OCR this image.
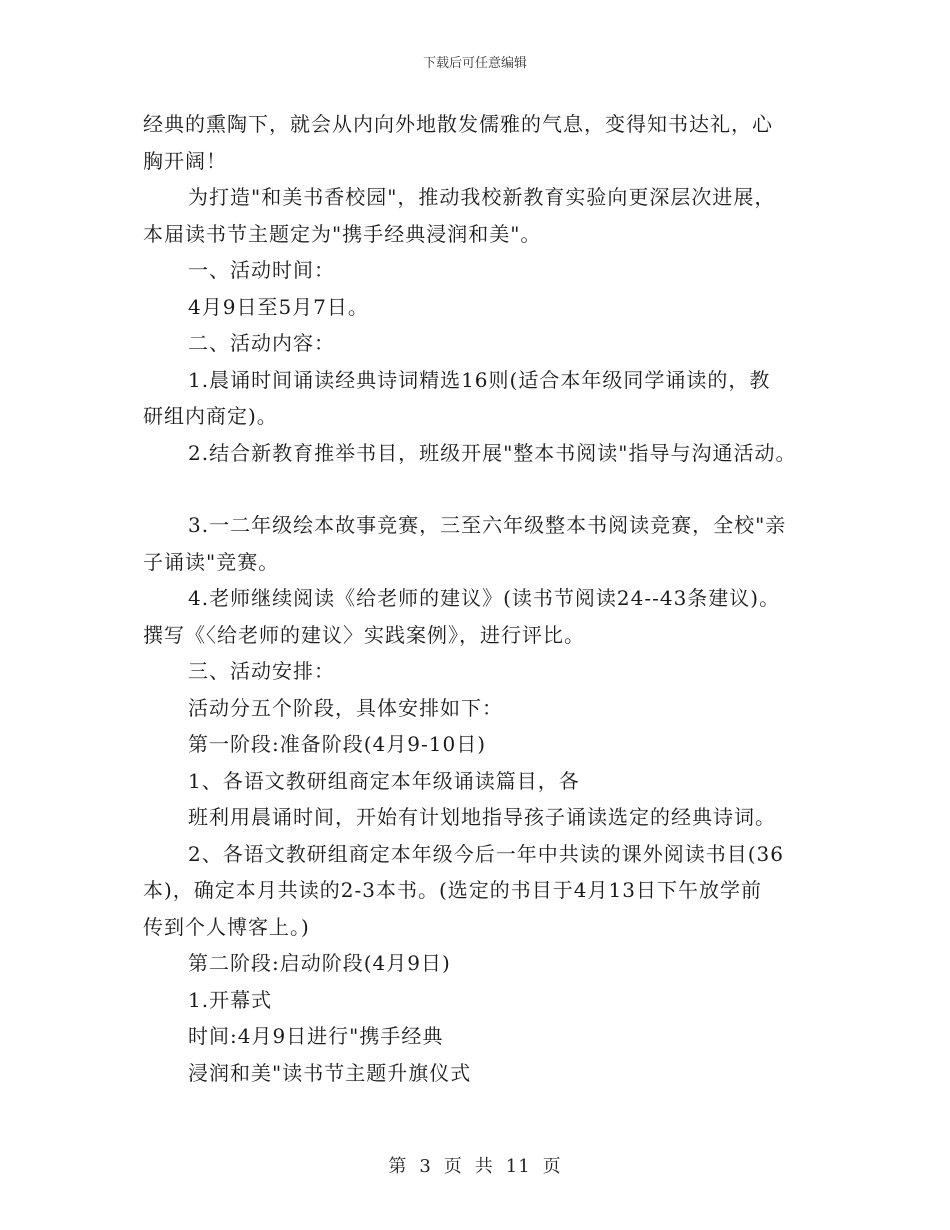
下载后可任意编辑
经典的熏陶下，就会从内向外地散发儒雅的气息，变得知书达礼，心
胸开阔！
为打造"和美书香校园"，推动我校新教育实验向更深层次进展，
本届读书节主题定为"携手经典浸润和美"。
一、活动时间：
4月9日至5月7日。
二、活动内容：
1.晨诵时间诵读经典诗词精选16则(适合本年级同学诵读的，教
研组内商定)。
2.结合新教育推举书目，班级开展"整本书阅读"指导与沟通活动。
3.一二年级绘本故事竞赛，三至六年级整本书阅读竞赛，全校"亲
子诵读"竞赛。
4.老师继续阅读《给老师的建议》(读书节阅读24--43条建议)。
撰写《〈给老师的建议〉实践案例》，进行评比。
三、活动安排：
活动分五个阶段，具体安排如下：
第一阶段:准备阶段(4月9-10日)
1、各语文教研组商定本年级诵读篇目，各
班利用晨诵时间，开始有计划地指导孩子诵读选定的经典诗词。
2、各语文教研组商定本年级今后一年中共读的课外阅读书目(36
本)，确定本月共读的2-3本书。(选定的书目于4月13日下午放学前
传到个人博客上。)
第二阶段:启动阶段(4月9日)
1.开幕式
时间:4月9日进行"携手经典
浸润和美"读书节主题升旗仪式
第 3 页 共 11 页
